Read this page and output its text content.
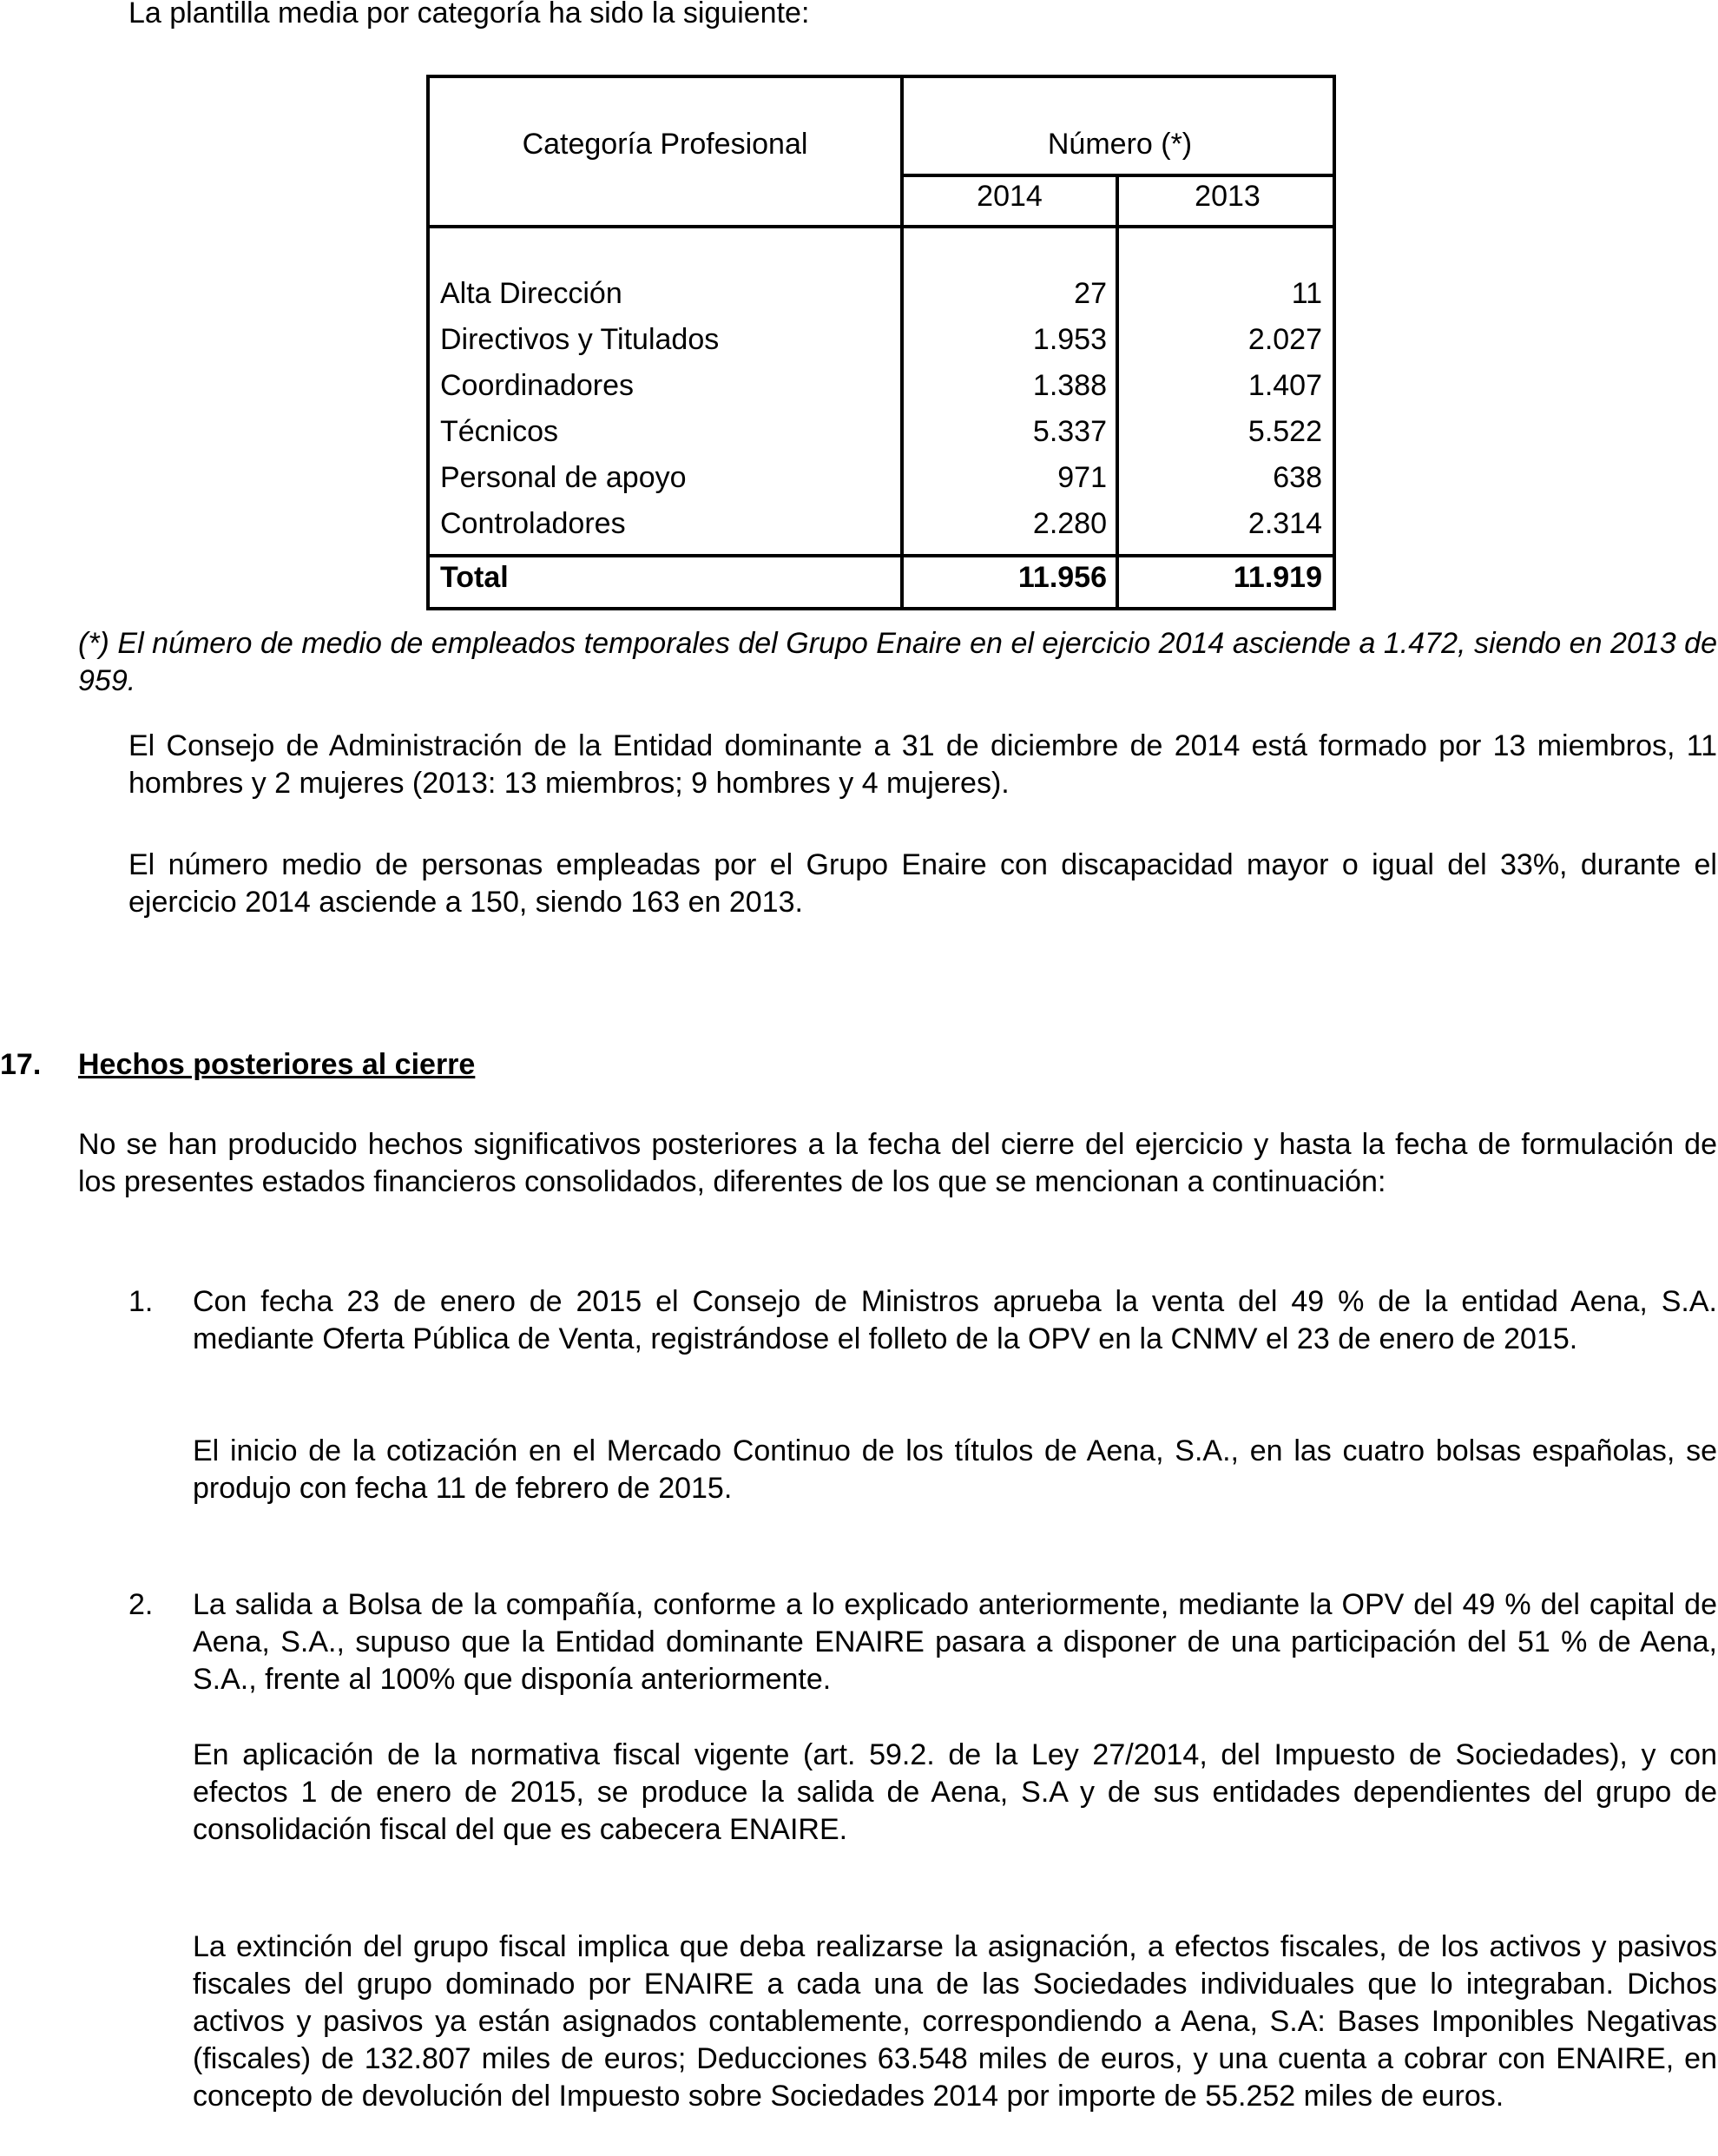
La plantilla media por categoría ha sido la siguiente:
Categoría Profesional	Número (*)
2014	2013
Alta Dirección	27	11
Directivos y Titulados	1.953	2.027
Coordinadores	1.388	1.407
Técnicos	5.337	5.522
Personal de apoyo	971	638
Controladores	2.280	2.314
Total	11.956	11.919
(*) El número de medio de empleados temporales del Grupo Enaire en el ejercicio 2014 asciende a 1.472, siendo en 2013 de 959.
El Consejo de Administración de la Entidad dominante a 31 de diciembre de 2014 está formado por 13 miembros, 11 hombres y 2 mujeres (2013: 13 miembros; 9 hombres y 4 mujeres).
El número medio de personas empleadas por el Grupo Enaire con discapacidad mayor o igual del 33%, durante el ejercicio 2014 asciende a 150, siendo 163 en 2013.
17. Hechos posteriores al cierre
No se han producido hechos significativos posteriores a la fecha del cierre del ejercicio y hasta la fecha de formulación de los presentes estados financieros consolidados, diferentes de los que se mencionan a continuación:
1. Con fecha 23 de enero de 2015 el Consejo de Ministros aprueba la venta del 49 % de la entidad Aena, S.A. mediante Oferta Pública de Venta, registrándose el folleto de la OPV en la CNMV el 23 de enero de 2015.
El inicio de la cotización en el Mercado Continuo de los títulos de Aena, S.A., en las cuatro bolsas españolas, se produjo con fecha 11 de febrero de 2015.
2. La salida a Bolsa de la compañía, conforme a lo explicado anteriormente, mediante la OPV del 49 % del capital de Aena, S.A., supuso que la Entidad dominante ENAIRE pasara a disponer de una participación del 51 % de Aena, S.A., frente al 100% que disponía anteriormente.
En aplicación de la normativa fiscal vigente (art. 59.2. de la Ley 27/2014, del Impuesto de Sociedades), y con efectos 1 de enero de 2015, se produce la salida de Aena, S.A y de sus entidades dependientes del grupo de consolidación fiscal del que es cabecera ENAIRE.
La extinción del grupo fiscal implica que deba realizarse la asignación, a efectos fiscales, de los activos y pasivos fiscales del grupo dominado por ENAIRE a cada una de las Sociedades individuales que lo integraban. Dichos activos y pasivos ya están asignados contablemente, correspondiendo a Aena, S.A: Bases Imponibles Negativas (fiscales) de 132.807 miles de euros; Deducciones 63.548 miles de euros, y una cuenta a cobrar con ENAIRE, en concepto de devolución del Impuesto sobre Sociedades 2014 por importe de 55.252 miles de euros.
